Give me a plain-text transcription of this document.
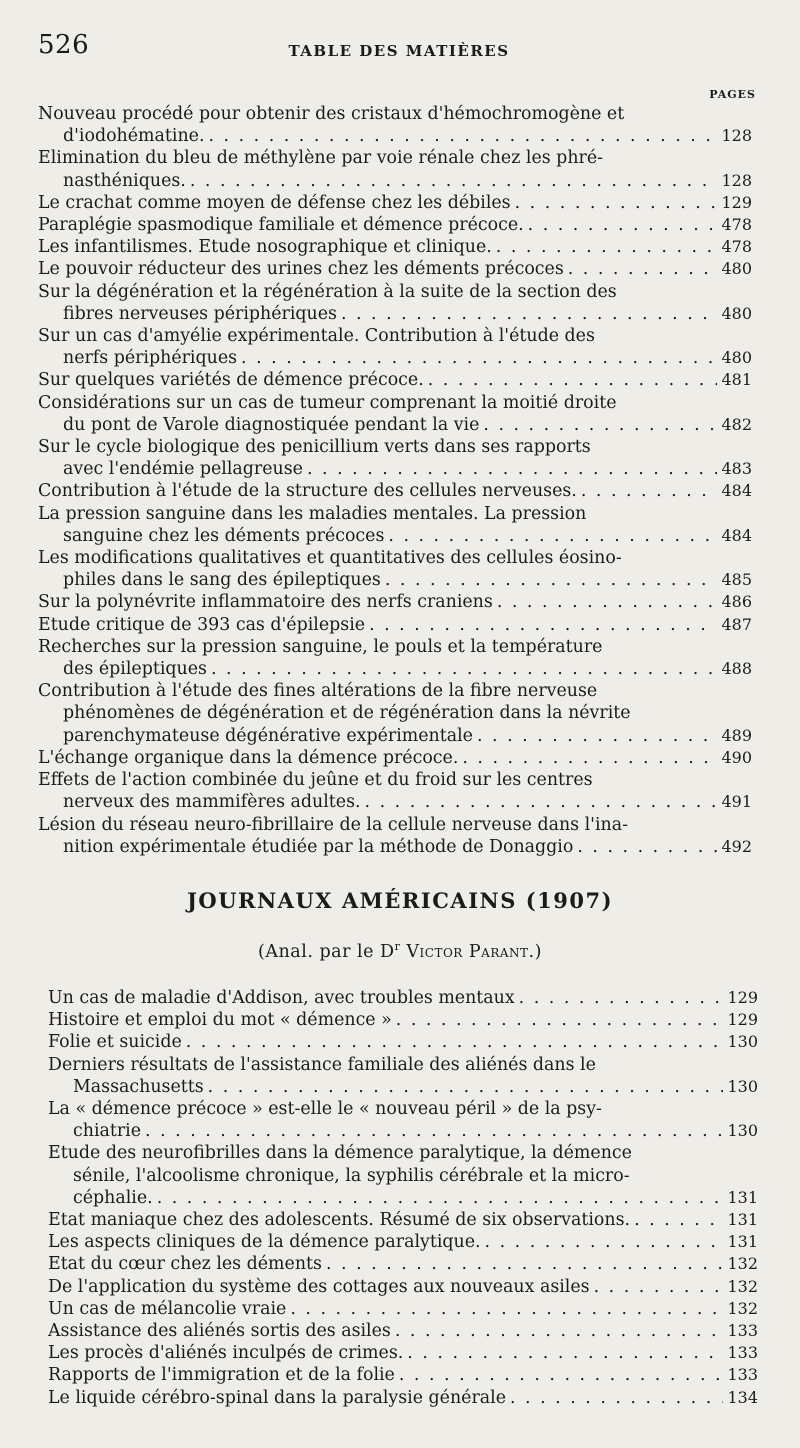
526	TABLE DES MATIÈRES
PAGES
Nouveau procédé pour obtenir des cristaux d'hémochromogène et
d'iodohématine. . . .	128
Elimination du bleu de méthylène par voie rénale chez les phré-
nasthéniques. . . .	128
Le crachat comme moyen de défense chez les débiles . . .	129
Paraplégie spasmodique familiale et démence précoce. . . .	478
Les infantilismes. Etude nosographique et clinique. . . .	478
Le pouvoir réducteur des urines chez les déments précoces . . .	480
Sur la dégénération et la régénération à la suite de la section des
fibres nerveuses périphériques . . .	480
Sur un cas d'amyélie expérimentale. Contribution à l'étude des
nerfs périphériques . . .	480
Sur quelques variétés de démence précoce. . . .	481
Considérations sur un cas de tumeur comprenant la moitié droite
du pont de Varole diagnostiquée pendant la vie . . .	482
Sur le cycle biologique des penicillium verts dans ses rapports
avec l'endémie pellagreuse . . .	483
Contribution à l'étude de la structure des cellules nerveuses. . . .	484
La pression sanguine dans les maladies mentales. La pression
sanguine chez les déments précoces . . .	484
Les modifications qualitatives et quantitatives des cellules éosino-
philes dans le sang des épileptiques . . .	485
Sur la polynévrite inflammatoire des nerfs craniens . . .	486
Etude critique de 393 cas d'épilepsie . . .	487
Recherches sur la pression sanguine, le pouls et la température
des épileptiques . . .	488
Contribution à l'étude des fines altérations de la fibre nerveuse
phénomènes de dégénération et de régénération dans la névrite
parenchymateuse dégénérative expérimentale . . .	489
L'échange organique dans la démence précoce. . . .	490
Effets de l'action combinée du jeûne et du froid sur les centres
nerveux des mammifères adultes. . . .	491
Lésion du réseau neuro-fibrillaire de la cellule nerveuse dans l'ina-
nition expérimentale étudiée par la méthode de Donaggio . . .	492
JOURNAUX AMÉRICAINS (1907)
(Anal. par le $D^r$ Victor Parant.)
Un cas de maladie d'Addison, avec troubles mentaux . . .	129
Histoire et emploi du mot « démence » . . .	129
Folie et suicide . . .	130
Derniers résultats de l'assistance familiale des aliénés dans le
Massachusetts . . .	130
La « démence précoce » est-elle le « nouveau péril » de la psy-
chiatrie . . .	130
Etude des neurofibrilles dans la démence paralytique, la démence
sénile, l'alcoolisme chronique, la syphilis cérébrale et la micro-
céphalie. . . .	131
Etat maniaque chez des adolescents. Résumé de six observations. . . .	131
Les aspects cliniques de la démence paralytique. . . .	131
Etat du cœur chez les déments . . .	132
De l'application du système des cottages aux nouveaux asiles . . .	132
Un cas de mélancolie vraie . . .	132
Assistance des aliénés sortis des asiles . . .	133
Les procès d'aliénés inculpés de crimes. . . .	133
Rapports de l'immigration et de la folie . . .	133
Le liquide cérébro-spinal dans la paralysie générale . . .	134
